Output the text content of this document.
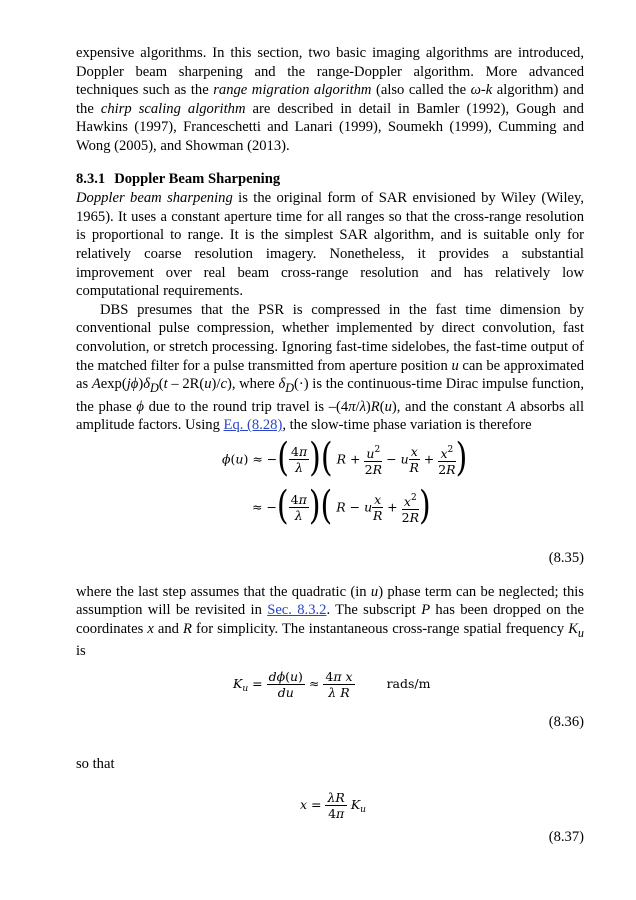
expensive algorithms. In this section, two basic imaging algorithms are introduced, Doppler beam sharpening and the range-Doppler algorithm. More advanced techniques such as the range migration algorithm (also called the ω-k algorithm) and the chirp scaling algorithm are described in detail in Bamler (1992), Gough and Hawkins (1997), Franceschetti and Lanari (1999), Soumekh (1999), Cumming and Wong (2005), and Showman (2013).

8.3.1 Doppler Beam Sharpening

Doppler beam sharpening is the original form of SAR envisioned by Wiley (Wiley, 1965). It uses a constant aperture time for all ranges so that the cross-range resolution is proportional to range. It is the simplest SAR algorithm, and is suitable only for relatively coarse resolution imagery. Nonetheless, it provides a substantial improvement over real beam cross-range resolution and has relatively low computational requirements.

DBS presumes that the PSR is compressed in the fast time dimension by conventional pulse compression, whether implemented by direct convolution, fast convolution, or stretch processing. Ignoring fast-time sidelobes, the fast-time output of the matched filter for a pulse transmitted from aperture position u can be approximated as $Aexp(j\phi)\delta_D(t - 2R(u)/c)$, where $\delta_D(\cdot)$ is the continuous-time Dirac impulse function, the phase ϕ due to the round trip travel is –(4π/λ)R(u), and the constant A absorbs all amplitude factors. Using Eq. (8.28), the slow-time phase variation is therefore

ϕ(u) ≈ −( $\frac{4\pi}{\lambda}$ )( $R + \frac{u^2}{2R} - u \frac{x}{R} + \frac{x^2}{2R}$ )
≈ −( $\frac{4\pi}{\lambda}$ )( R − u $\frac{x}{R} + \frac{x^2}{2R}$ )
(8.35)

where the last step assumes that the quadratic (in u) phase term can be neglected; this assumption will be revisited in Sec. 8.3.2. The subscript P has been dropped on the coordinates x and R for simplicity. The instantaneous cross-range spatial frequency $K_u$ is

$K_u = \frac{d\phi(u)}{du} \approx \frac{\text{4π x}}{\text{λ R}}$	rads/m
(8.36)

so that

$x = \frac{\lambda R}{4\pi} K_u$
(8.37)
